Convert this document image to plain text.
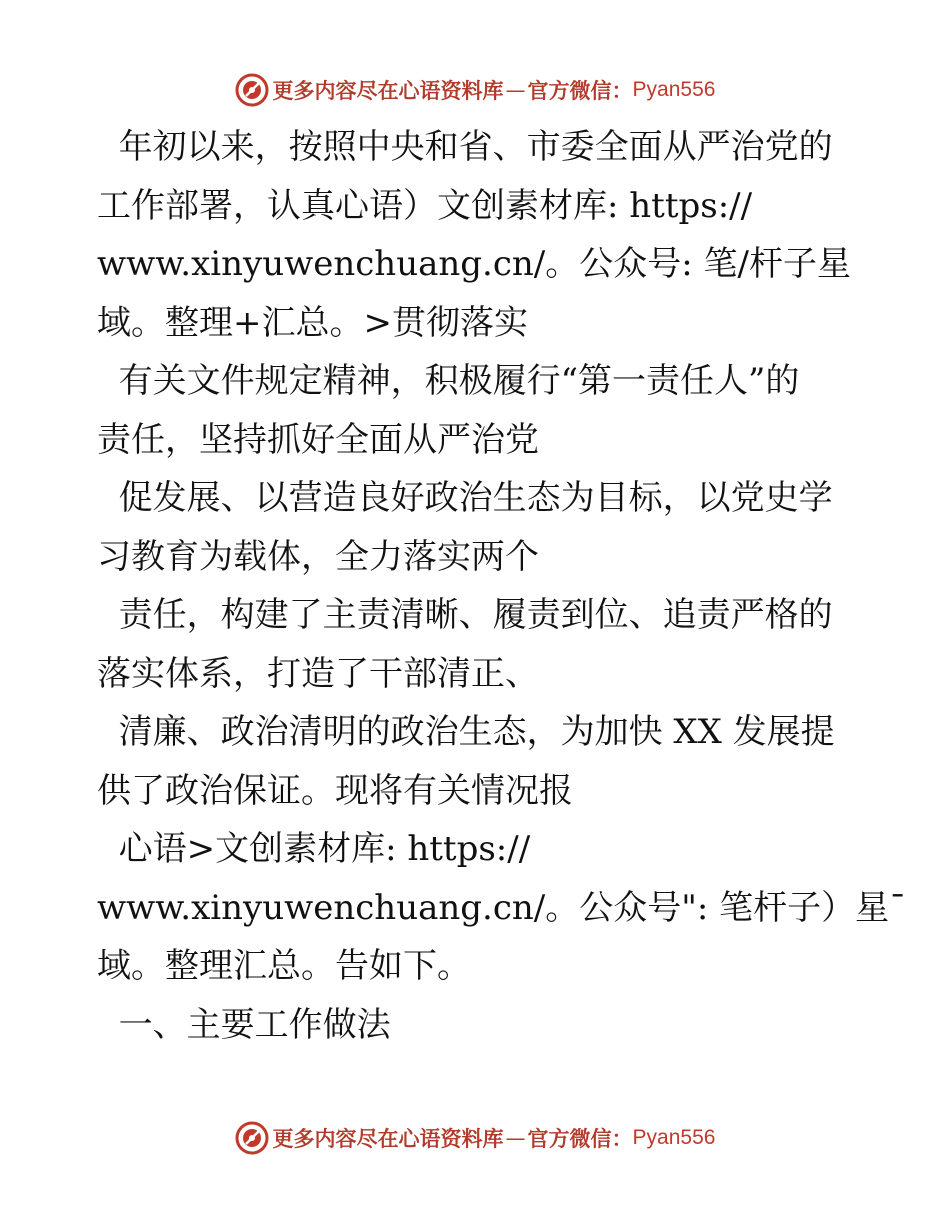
更多内容尽在心语资料库 — 官方微信： Pyan556
年初以来，按照中央和省、市委全面从严治党的
工作部署，认真心语）文创素材库: https://
www.xinyuwenchuang.cn/。公众号: 笔/杆子星
域。整理+汇总。>贯彻落实
有关文件规定精神，积极履行“第一责任人”的
责任，坚持抓好全面从严治党
促发展、以营造良好政治生态为目标，以党史学
习教育为载体，全力落实两个
责任，构建了主责清晰、履责到位、追责严格的
落实体系，打造了干部清正、
清廉、政治清明的政治生态，为加快 XX 发展提
供了政治保证。现将有关情况报
心语>文创素材库: https://
www.xinyuwenchuang.cn/。公众号": 笔杆子）星¯
域。整理汇总。告如下。
一、主要工作做法
更多内容尽在心语资料库 — 官方微信： Pyan556
